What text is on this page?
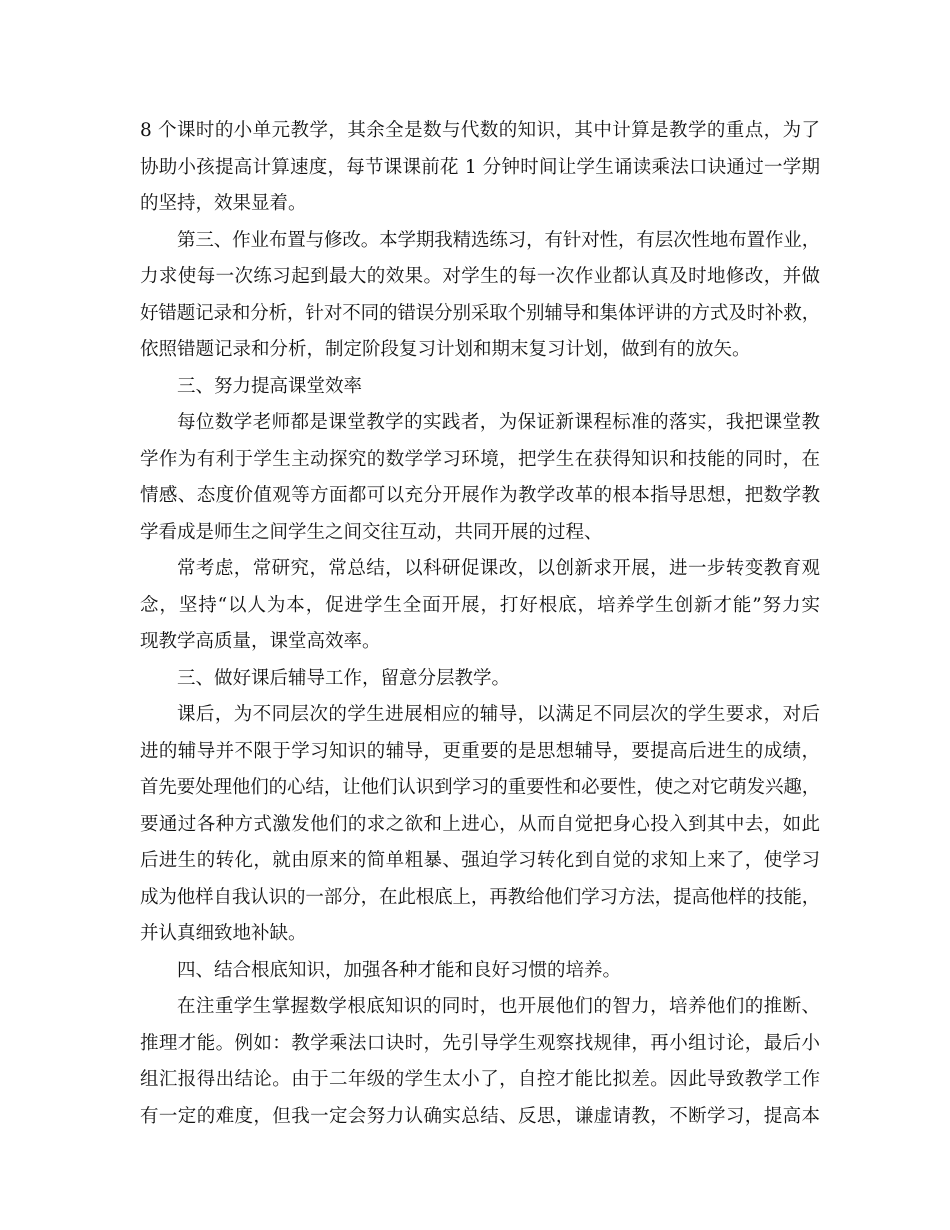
8 个课时的小单元教学，其余全是数与代数的知识，其中计算是教学的重点，为了
协助小孩提高计算速度，每节课课前花 1 分钟时间让学生诵读乘法口诀通过一学期
的坚持，效果显着。
第三、作业布置与修改。本学期我精选练习，有针对性，有层次性地布置作业，
力求使每一次练习起到最大的效果。对学生的每一次作业都认真及时地修改，并做
好错题记录和分析，针对不同的错误分别采取个别辅导和集体评讲的方式及时补救，
依照错题记录和分析，制定阶段复习计划和期末复习计划，做到有的放矢。
三、努力提高课堂效率
每位数学老师都是课堂教学的实践者，为保证新课程标准的落实，我把课堂教
学作为有利于学生主动探究的数学学习环境，把学生在获得知识和技能的同时，在
情感、态度价值观等方面都可以充分开展作为教学改革的根本指导思想，把数学教
学看成是师生之间学生之间交往互动，共同开展的过程、
常考虑，常研究，常总结，以科研促课改，以创新求开展，进一步转变教育观
念，坚持“以人为本，促进学生全面开展，打好根底，培养学生创新才能”努力实
现教学高质量，课堂高效率。
三、做好课后辅导工作，留意分层教学。
课后，为不同层次的学生进展相应的辅导，以满足不同层次的学生要求，对后
进的辅导并不限于学习知识的辅导，更重要的是思想辅导，要提高后进生的成绩，
首先要处理他们的心结，让他们认识到学习的重要性和必要性，使之对它萌发兴趣，
要通过各种方式激发他们的求之欲和上进心，从而自觉把身心投入到其中去，如此
后进生的转化，就由原来的简单粗暴、强迫学习转化到自觉的求知上来了，使学习
成为他样自我认识的一部分，在此根底上，再教给他们学习方法，提高他样的技能，
并认真细致地补缺。
四、结合根底知识，加强各种才能和良好习惯的培养。
在注重学生掌握数学根底知识的同时，也开展他们的智力，培养他们的推断、
推理才能。例如：教学乘法口诀时，先引导学生观察找规律，再小组讨论，最后小
组汇报得出结论。由于二年级的学生太小了，自控才能比拟差。因此导致教学工作
有一定的难度，但我一定会努力认确实总结、反思，谦虚请教，不断学习，提高本
